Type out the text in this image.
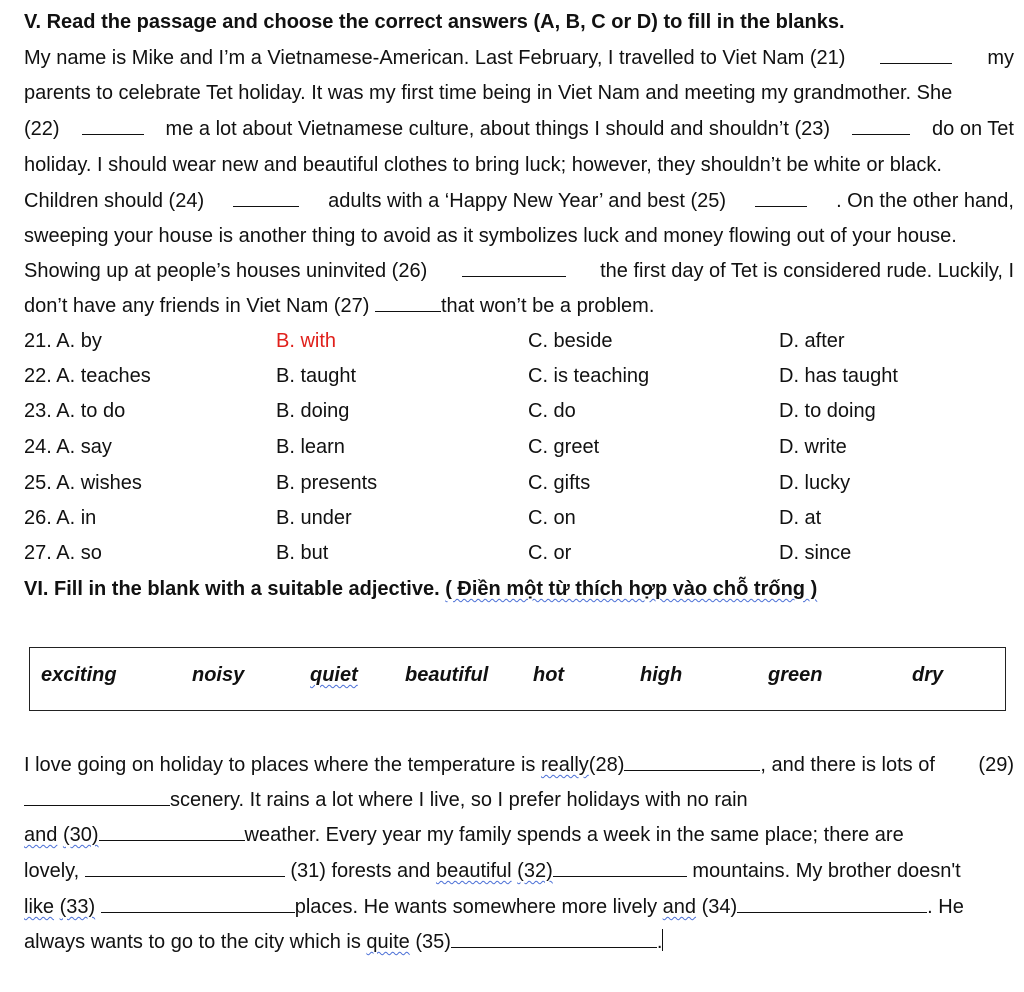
V. Read the passage and choose the correct answers (A, B, C or D) to fill in the blanks.
My name is Mike and I’m a Vietnamese-American. Last February, I travelled to Viet Nam (21)	my
parents to celebrate Tet holiday. It was my first time being in Viet Nam and meeting my grandmother. She
(22)	me a lot about Vietnamese culture, about things I should and shouldn’t (23)	do on Tet
holiday. I should wear new and beautiful clothes to bring luck; however, they shouldn’t be white or black.
Children should (24)	adults with a ‘Happy New Year’ and best (25)	. On the other hand,
sweeping your house is another thing to avoid as it symbolizes luck and money flowing out of your house.
Showing up at people’s houses uninvited (26)	the first day of Tet is considered rude. Luckily, I
don’t have any friends in Viet Nam (27)	that won’t be a problem.
21. A. by	B. with	C. beside	D. after
22. A. teaches	B. taught	C. is teaching	D. has taught
23. A. to do	B. doing	C. do	D. to doing
24. A. say	B. learn	C. greet	D. write
25. A. wishes	B. presents	C. gifts	D. lucky
26. A. in	B. under	C. on	D. at
27. A. so	B. but	C. or	D. since
VI. Fill in the blank with a suitable adjective. ( Điền một từ thích hợp vào chỗ trống )
exciting	noisy	quiet beautiful hot	high	green	dry
I love going on holiday to places where the temperature is really(28)	, and there is lots of (29)
scenery. It rains a lot where I live, so I prefer holidays with no rain
and (30)	weather. Every year my family spends a week in the same place; there are
lovely,	(31) forests and beautiful (32)	mountains. My brother doesn't
like (33)	places. He wants somewhere more lively and (34)	. He
always wants to go to the city which is quite (35)	.
